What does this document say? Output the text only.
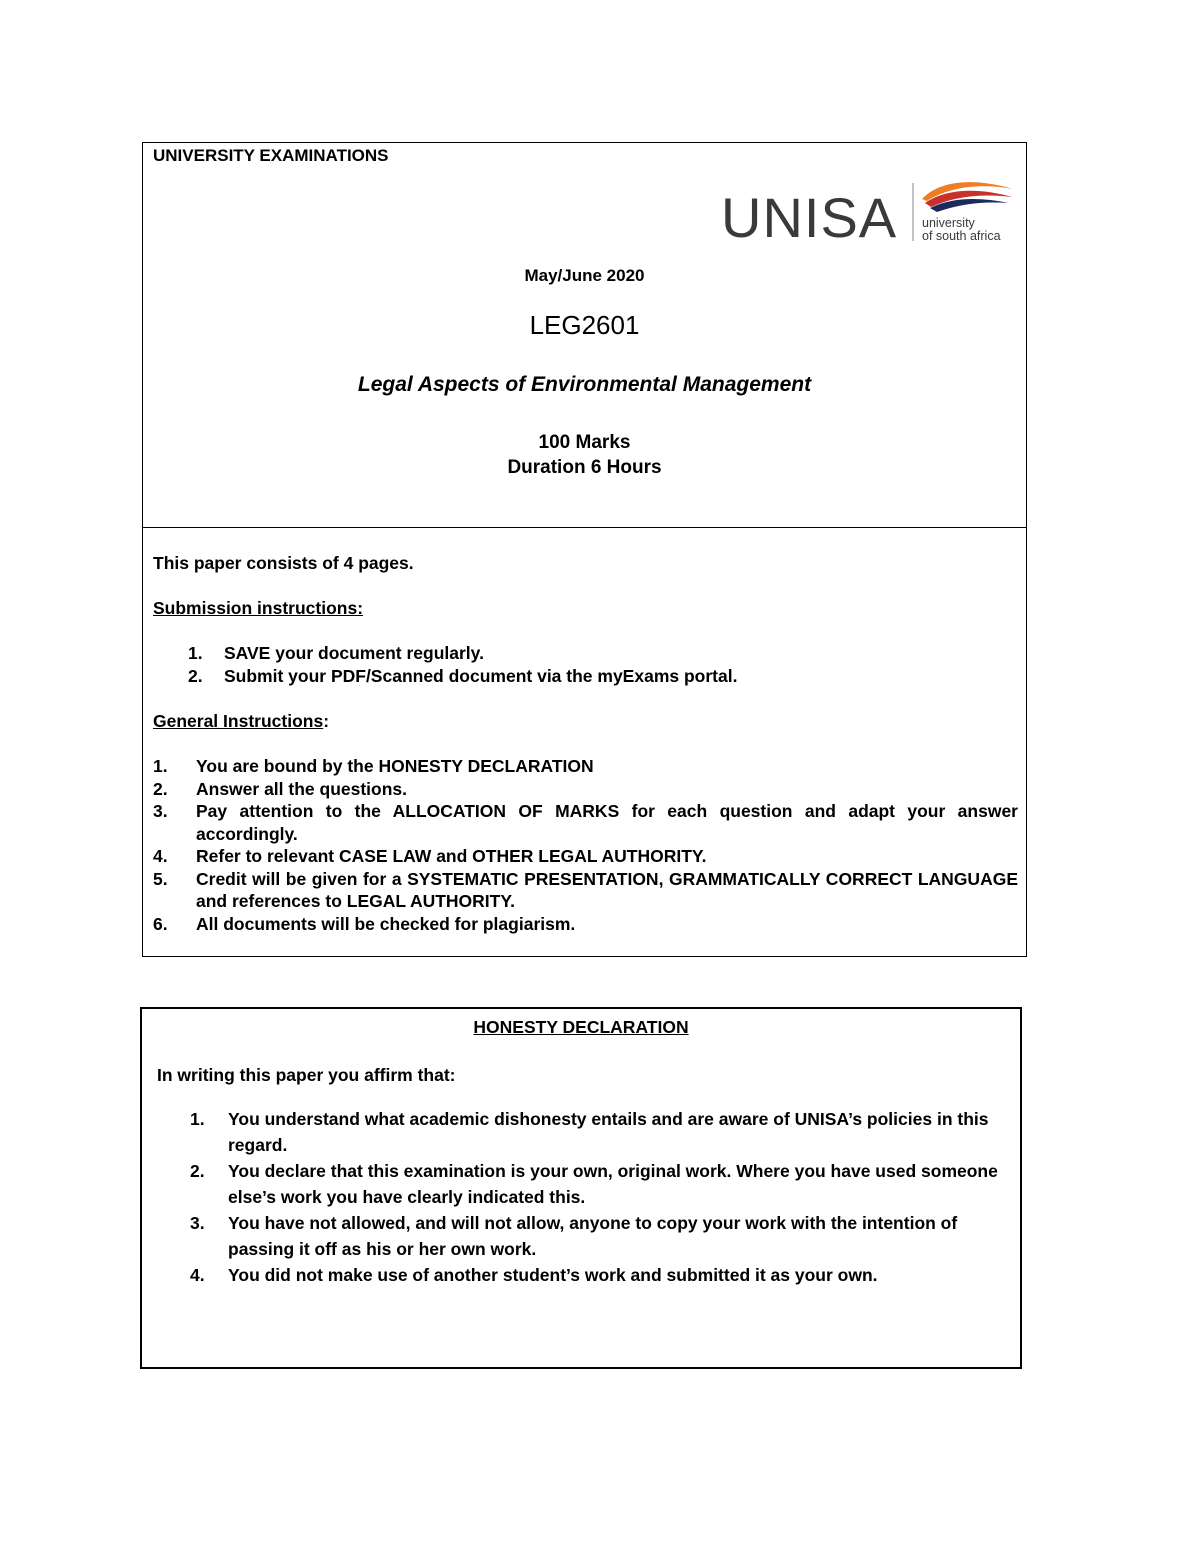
UNIVERSITY EXAMINATIONS
UNISA university
of south africa
May/June 2020
LEG2601
Legal Aspects of Environmental Management
100 Marks
Duration 6 Hours
This paper consists of 4 pages.
Submission instructions:
1. SAVE your document regularly.
2. Submit your PDF/Scanned document via the myExams portal.
General Instructions:
1. You are bound by the HONESTY DECLARATION
2. Answer all the questions.
3. Pay attention to the ALLOCATION OF MARKS for each question and adapt your answer accordingly.
4. Refer to relevant CASE LAW and OTHER LEGAL AUTHORITY.
5. Credit will be given for a SYSTEMATIC PRESENTATION, GRAMMATICALLY CORRECT LANGUAGE and references to LEGAL AUTHORITY.
6. All documents will be checked for plagiarism.
HONESTY DECLARATION
In writing this paper you affirm that:
1. You understand what academic dishonesty entails and are aware of UNISA’s policies in this regard.
2. You declare that this examination is your own, original work. Where you have used someone else’s work you have clearly indicated this.
3. You have not allowed, and will not allow, anyone to copy your work with the intention of passing it off as his or her own work.
4. You did not make use of another student’s work and submitted it as your own.
